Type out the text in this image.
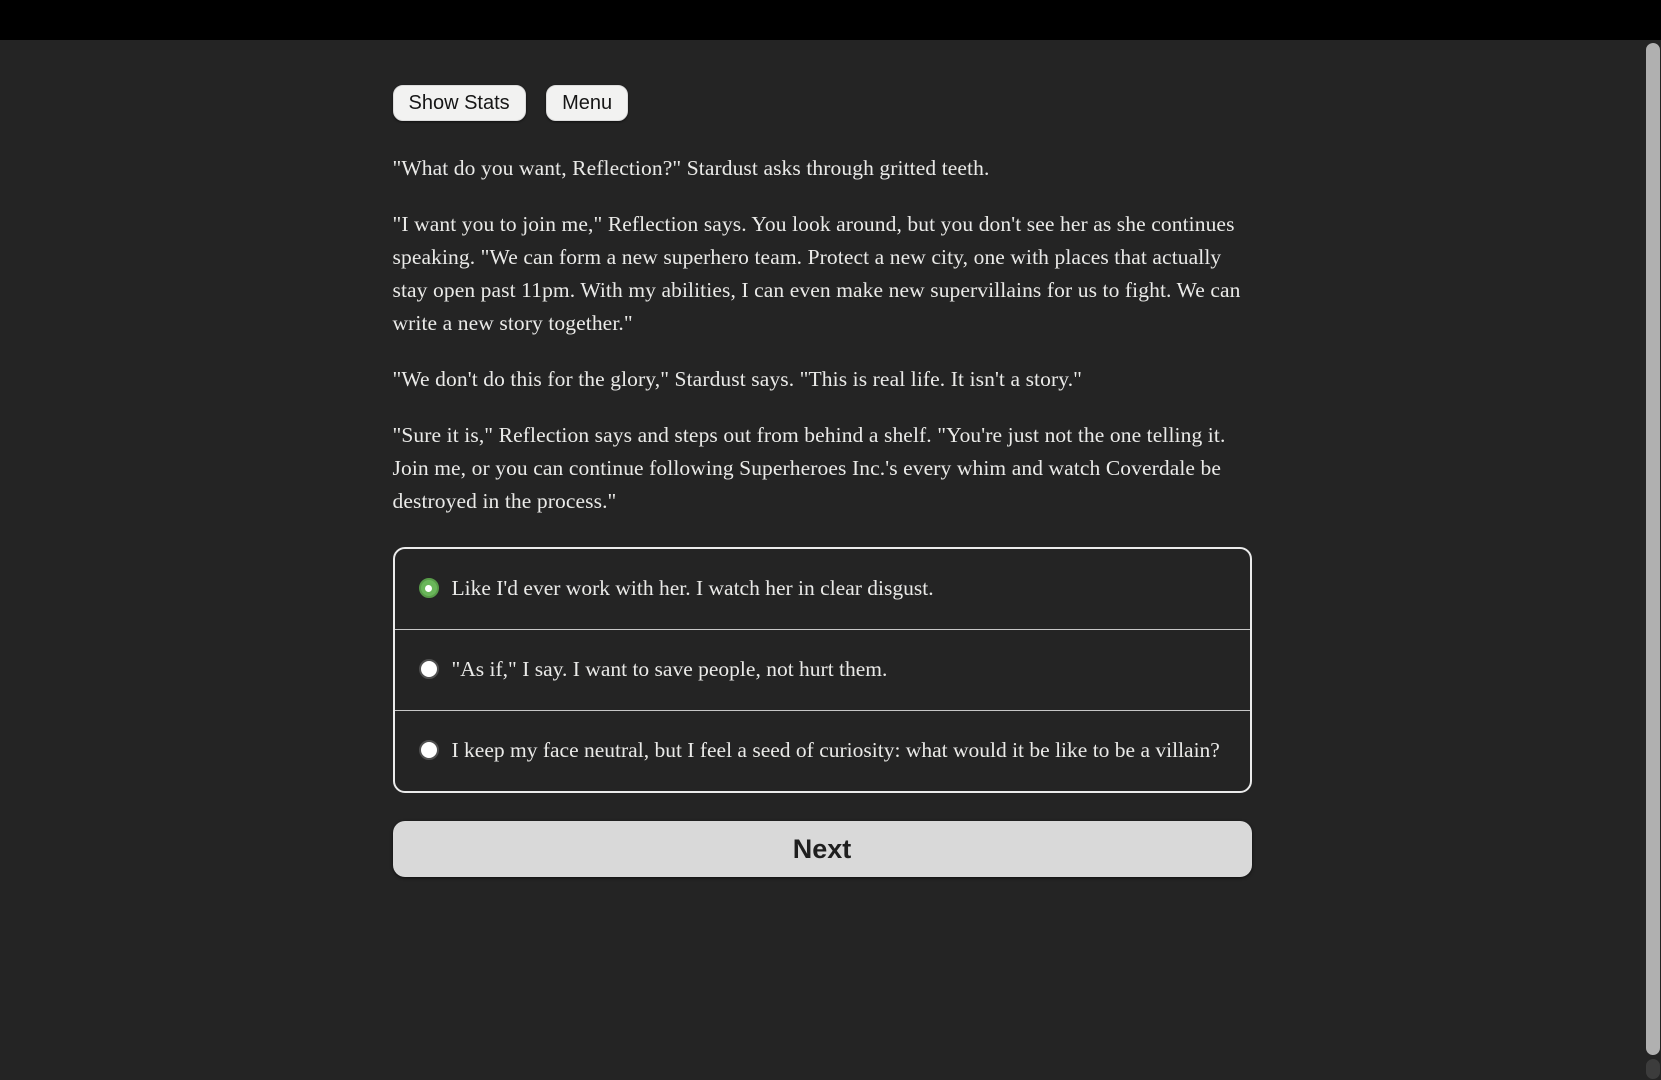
Show Stats	Menu

"What do you want, Reflection?" Stardust asks through gritted teeth.

"I want you to join me," Reflection says. You look around, but you don't see her as she continues speaking. "We can form a new superhero team. Protect a new city, one with places that actually stay open past 11pm. With my abilities, I can even make new supervillains for us to fight. We can write a new story together."

"We don't do this for the glory," Stardust says. "This is real life. It isn't a story."

"Sure it is," Reflection says and steps out from behind a shelf. "You're just not the one telling it. Join me, or you can continue following Superheroes Inc.'s every whim and watch Coverdale be destroyed in the process."

Like I'd ever work with her. I watch her in clear disgust.
"As if," I say. I want to save people, not hurt them.
I keep my face neutral, but I feel a seed of curiosity: what would it be like to be a villain?
Next
